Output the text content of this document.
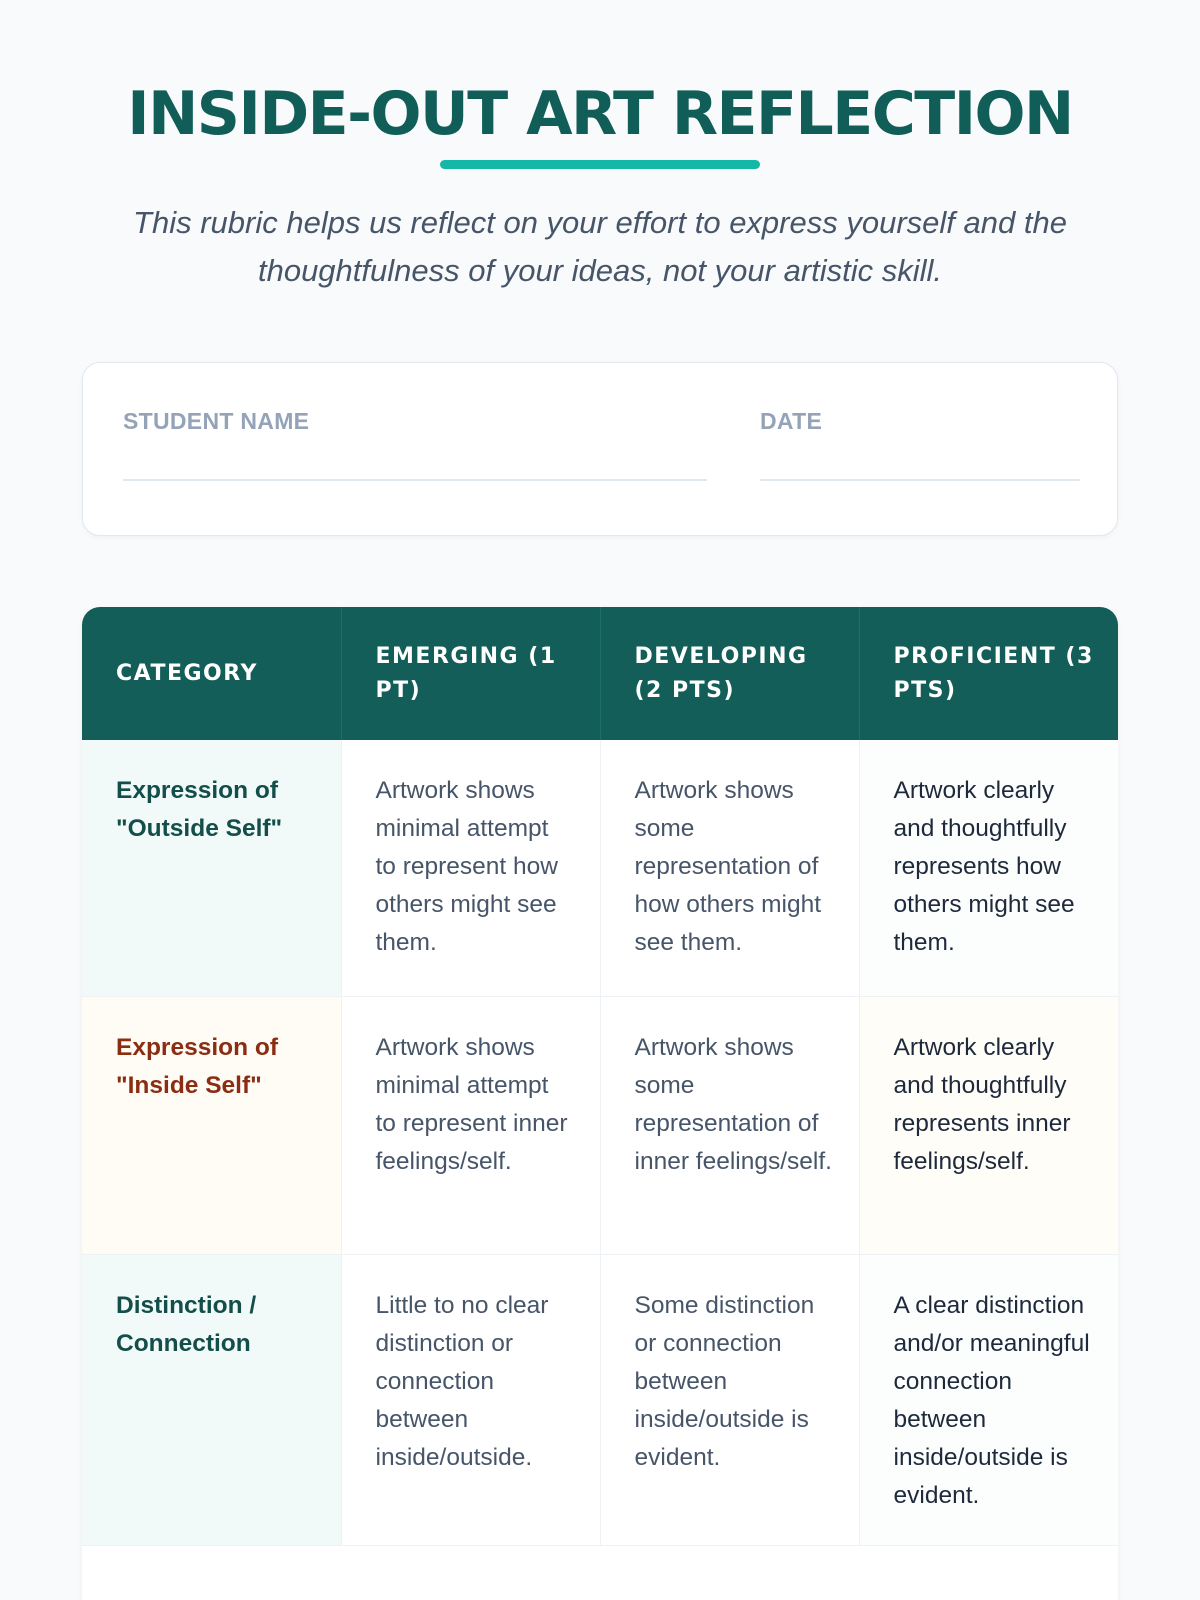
INSIDE-OUT ART REFLECTION

This rubric helps us reflect on your effort to express yourself and the thoughtfulness of your ideas, not your artistic skill.

STUDENT NAME	DATE
CATEGORY	EMERGING (1 PT)	DEVELOPING (2 PTS)	PROFICIENT (3 PTS)
Expression of "Outside Self"	Artwork shows minimal attempt to represent how others might see them.	Artwork shows some representation of how others might see them.	Artwork clearly and thoughtfully represents how others might see them.
Expression of "Inside Self"	Artwork shows minimal attempt to represent inner feelings/self.	Artwork shows some representation of inner feelings/self.	Artwork clearly and thoughtfully represents inner feelings/self.
Distinction / Connection	Little to no clear distinction or connection between inside/outside.	Some distinction or connection between inside/outside is evident.	A clear distinction and/or meaningful connection between inside/outside is evident.
